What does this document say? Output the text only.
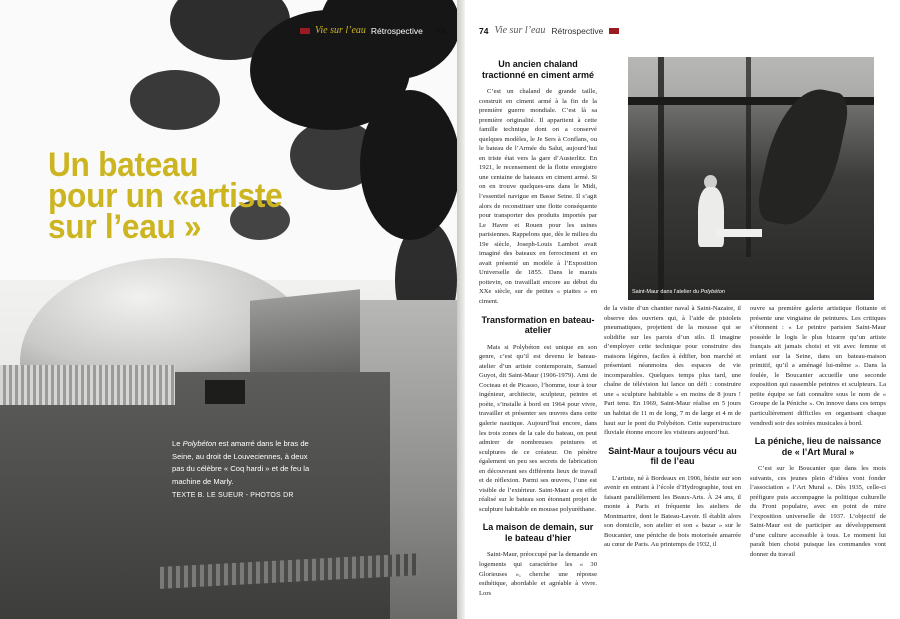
Vie sur l’eau Rétrospective 73
Un bateau
pour un «artiste
sur l’eau »

Le Polybéton est amarré dans le bras de Seine, au droit de Louveciennes, à deux pas du célèbre « Coq hardi » et de feu la machine de Marly.

TEXTE B. LE SUEUR - PHOTOS DR

74 Vie sur l’eau Rétrospective
Saint-Maur dans l’atelier du Polybéton
Un ancien chaland tractionné en ciment armé

C’est un chaland de grande taille, construit en ciment armé à la fin de la première guerre mondiale. C’est là sa première originalité. Il appartient à cette famille technique dont on a conservé quelques modèles, le Je Sers à Conflans, ou le bateau de l’Armée du Salut, aujourd’hui en triste état vers la gare d’Austerlitz. En 1921, le recensement de la flotte enregistre une centaine de bateaux en ciment armé. Si on en trouve quelques-uns dans le Midi, l’essentiel navigue en Basse Seine. Il s’agit alors de reconstituer une flotte conséquente pour transporter des produits importés par Le Havre et Rouen pour les usines parisiennes. Rappelons que, dès le milieu du 19e siècle, Joseph-Louis Lambot avait imaginé des bateaux en ferrociment et en avait présenté un modèle à l’Exposition Universelle de 1855. Dans le marais poitevin, on travaillait encore au début du XXe siècle, sur de petites « piattes » en ciment.

Transformation en bateau-atelier

Mais si Polybéton est unique en son genre, c’est qu’il est devenu le bateau-atelier d’un artiste contemporain, Samuel Guyot, dit Saint-Maur (1906-1979). Ami de Cocteau et de Picasso, l’homme, tour à tour ingénieur, architecte, sculpteur, peintre et poète, s’installe à bord en 1964 pour vivre, travailler et présenter ses œuvres dans cette galerie nautique. Aujourd’hui encore, dans les trois zones de la cale du bateau, on peut admirer de nombreuses peintures et sculptures de ce créateur. On pénètre également un peu ses secrets de fabrication en découvrant ses différents lieux de travail et de réflexion. Parmi ses œuvres, l’une est visible de l’extérieur. Saint-Maur a en effet réalisé sur le bateau son étonnant projet de sculpture habitable en mousse polyuréthane.

La maison de demain, sur le bateau d’hier

Saint-Maur, préoccupé par la demande en logements qui caractérise les « 30 Glorieuses », cherche une réponse esthétique, abordable et agréable à vivre. Lors

de la visite d’un chantier naval à Saint-Nazaire, il observe des ouvriers qui, à l’aide de pistolets pneumatiques, projettent de la mousse qui se solidifie sur les parois d’un silo. Il imagine d’employer cette technique pour construire des maisons légères, faciles à édifier, bon marché et présentant néanmoins des espaces de vie incomparables. Quelques temps plus tard, une chaîne de télévision lui lance un défi : construire une « sculpture habitable » en moins de 8 jours ! Pari tenu. En 1969, Saint-Maur réalise en 5 jours un habitat de 11 m de long, 7 m de large et 4 m de haut sur le pont du Polybéton. Cette superstructure fluviale étonne encore les visiteurs aujourd’hui.

Saint-Maur a toujours vécu au fil de l’eau

L’artiste, né à Bordeaux en 1906, hésite sur son avenir en entrant à l’école d’Hydrographie, tout en faisant parallèlement les Beaux-Arts. À 24 ans, il monte à Paris et fréquente les ateliers de Montmartre, dont le Bateau-Lavoir. Il établit alors son domicile, son atelier et son « bazar » sur le Boucanier, une péniche de bois motorisée amarrée au cœur de Paris. Au printemps de 1932, il

ouvre sa première galerie artistique flottante et présente une vingtaine de peintures. Les critiques s’étonnent : « Le peintre parisien Saint-Maur possède le logis le plus bizarre qu’un artiste français ait jamais choisi et vit avec femme et enfant sur la Seine, dans un bateau-maison primitif, qu’il a aménagé lui-même ». Dans la foulée, le Boucanier accueille une seconde exposition qui rassemble peintres et sculpteurs. La petite équipe se fait connaître sous le nom de « Groupe de la Péniche ». On innove dans ces temps particulièrement difficiles en organisant chaque vendredi soir des soirées musicales à bord.

La péniche, lieu de naissance de « l’Art Mural »

C’est sur le Boucanier que dans les mois suivants, ces jeunes plein d’idées vont fonder l’association « l’Art Mural ». Dès 1935, celle-ci préfigure puis accompagne la politique culturelle du Front populaire, avec en point de mire l’exposition universelle de 1937. L’objectif de Saint-Maur est de participer au développement d’une culture accessible à tous. Le moment lui paraît bien choisi puisque les commandes vont donner du travail
